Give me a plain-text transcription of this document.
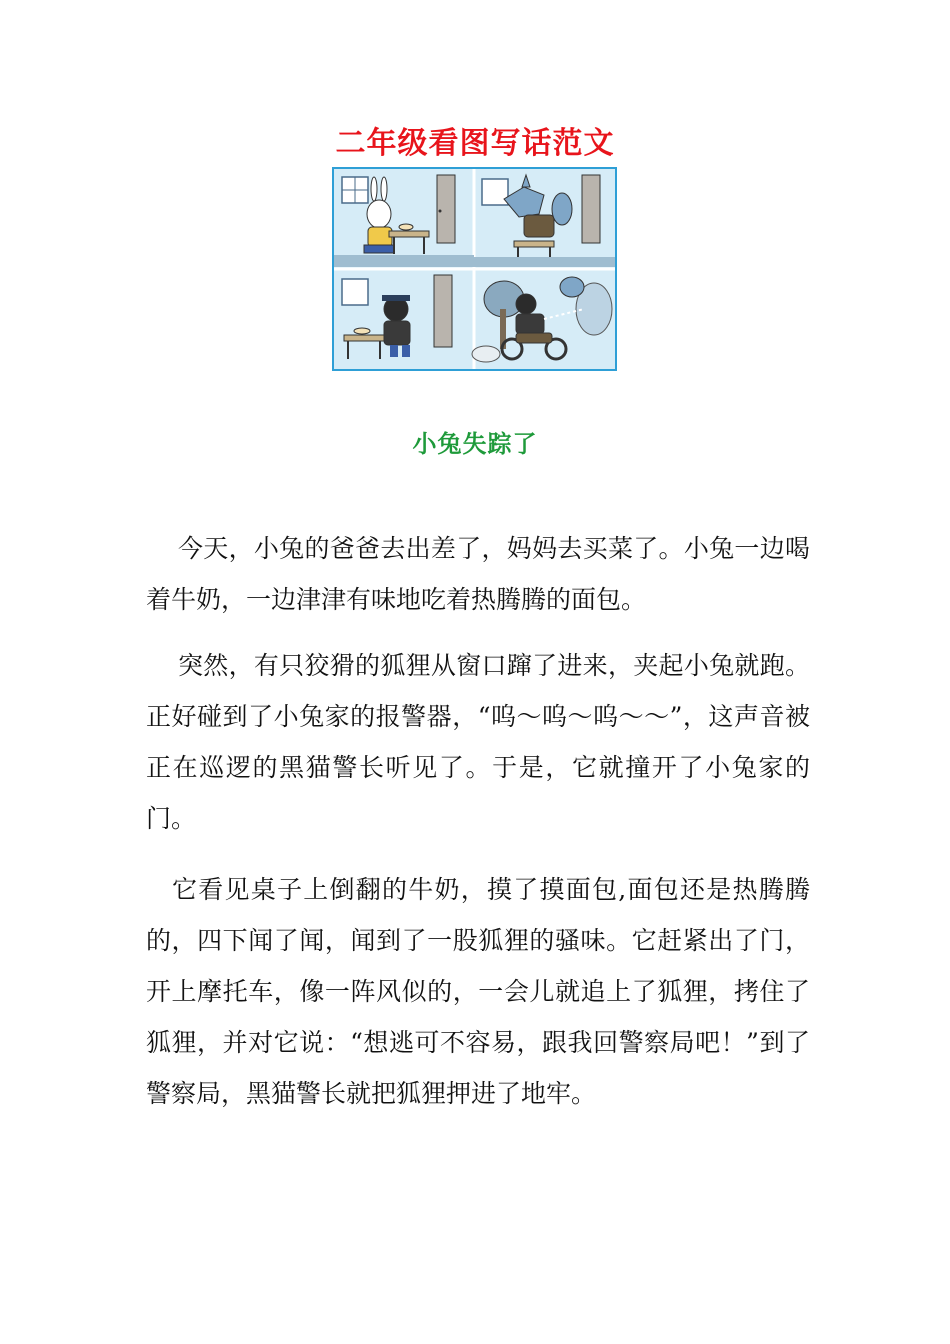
二年级看图写话范文
小兔失踪了

今天，小兔的爸爸去出差了，妈妈去买菜了。小兔一边喝着牛奶，一边津津有味地吃着热腾腾的面包。

突然，有只狡猾的狐狸从窗口蹿了进来，夹起小兔就跑。正好碰到了小兔家的报警器，“呜～呜～呜～～”，这声音被正在巡逻的黑猫警长听见了。于是，它就撞开了小兔家的门。

它看见桌子上倒翻的牛奶，摸了摸面包,面包还是热腾腾的，四下闻了闻，闻到了一股狐狸的骚味。它赶紧出了门，开上摩托车，像一阵风似的，一会儿就追上了狐狸，拷住了狐狸，并对它说：“想逃可不容易，跟我回警察局吧！”到了警察局，黑猫警长就把狐狸押进了地牢。
